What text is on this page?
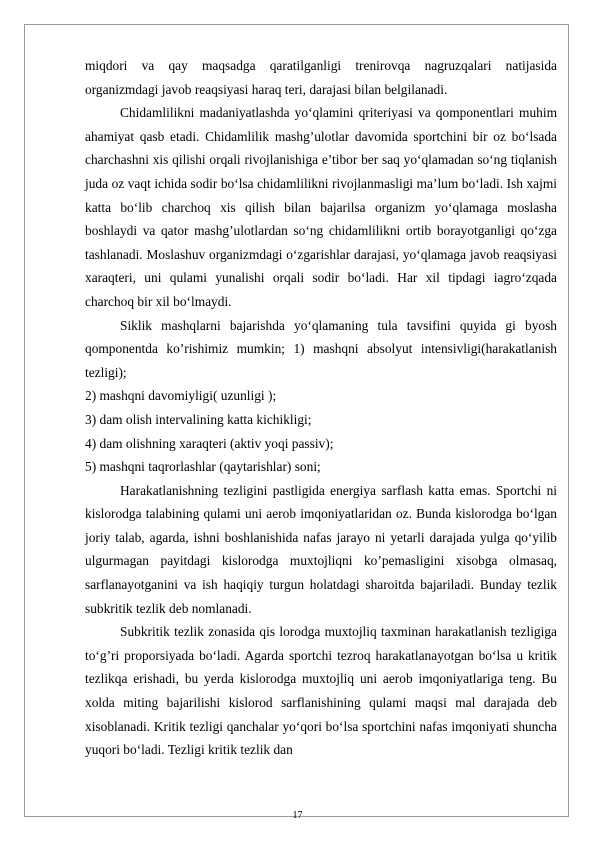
miqdori va qay maqsadga qaratilganligi trenirovqa nagruzqalari natijasida organizmdagi javob reaqsiyasi haraq teri, darajasi bilan belgilanadi.

Chidamlilikni madaniyatlashda yo‘qlamini qriteriyasi va qomponentlari muhim ahamiyat qasb etadi. Chidamlilik mashg’ulotlar davomida sportchini bir oz bo‘lsada charchashni xis qilishi orqali rivojlanishiga e’tibor ber saq yo‘qlamadan so‘ng tiqlanish juda oz vaqt ichida sodir bo‘lsa chidamlilikni rivojlanmasligi ma’lum bo‘ladi. Ish xajmi katta bo‘lib charchoq xis qilish bilan bajarilsa organizm yo‘qlamaga moslasha boshlaydi va qator mashg’ulotlardan so‘ng chidamlilikni ortib borayotganligi qo‘zga tashlanadi. Moslashuv organizmdagi o‘zgarishlar darajasi, yo‘qlamaga javob reaqsiyasi xaraqteri, uni qulami yunalishi orqali sodir bo‘ladi. Har xil tipdagi iagro‘zqada charchoq bir xil bo‘lmaydi.

Siklik mashqlarni bajarishda yo‘qlamaning tula tavsifini quyida gi byosh qomponentda ko’rishimiz mumkin; 1) mashqni absolyut intensivligi(harakatlanish tezligi);

2) mashqni davomiyligi( uzunligi );

3) dam olish intervalining katta kichikligi;

4) dam olishning xaraqteri (aktiv yoqi passiv);

5) mashqni taqrorlashlar (qaytarishlar) soni;

Harakatlanishning tezligini pastligida energiya sarflash katta emas. Sportchi ni kislorodga talabining qulami uni aerob imqoniyatlaridan oz. Bunda kislorodga bo‘lgan joriy talab, agarda, ishni boshlanishida nafas jarayo ni yetarli darajada yulga qo‘yilib ulgurmagan payitdagi kislorodga muxtojliqni ko’pemasligini xisobga olmasaq, sarflanayotganini va ish haqiqiy turgun holatdagi sharoitda bajariladi. Bunday tezlik subkritik tezlik deb nomlanadi.

Subkritik tezlik zonasida qis lorodga muxtojliq taxminan harakatlanish tezligiga to‘g’ri proporsiyada bo‘ladi. Agarda sportchi tezroq harakatlanayotgan bo‘lsa u kritik tezlikqa erishadi, bu yerda kislorodga muxtojliq uni aerob imqoniyatlariga teng. Bu xolda miting bajarilishi kislorod sarflanishining qulami maqsi mal darajada deb xisoblanadi. Kritik tezligi qanchalar yo‘qori bo‘lsa sportchini nafas imqoniyati shuncha yuqori bo‘ladi. Tezligi kritik tezlik dan

17
